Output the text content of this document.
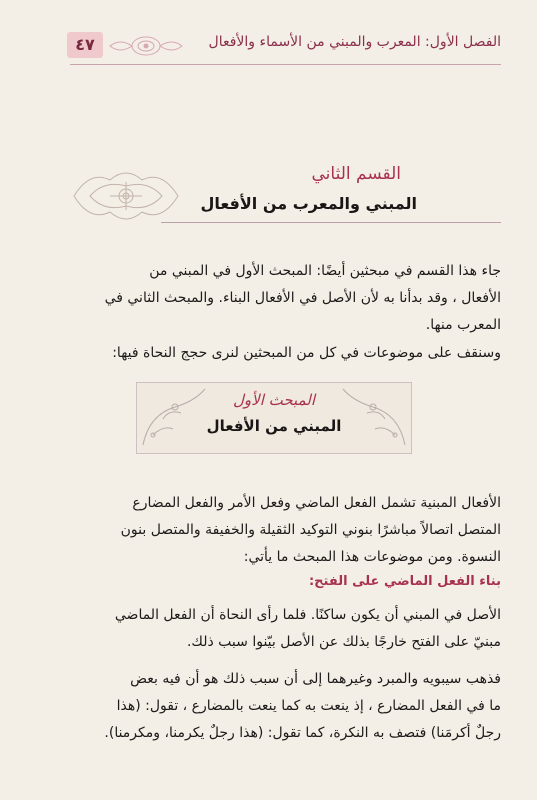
الفصل الأول: المعرب والمبني من الأسماء والأفعال
٤٧
القسم الثاني
المبني والمعرب من الأفعال
جاء هذا القسم في مبحثين أيضًا: المبحث الأول في المبني من
الأفعال ، وقد بدأنا به لأن الأصل في الأفعال البناء. والمبحث الثاني في
المعرب منها.
وسنقف على موضوعات في كل من المبحثين لنرى حجج النحاة فيها:
المبحث الأول
المبني من الأفعال
الأفعال المبنية تشمل الفعل الماضي وفعل الأمر والفعل المضارع
المتصل اتصالاً مباشرًا بنوني التوكيد الثقيلة والخفيفة والمتصل بنون
النسوة. ومن موضوعات هذا المبحث ما يأتي:
بناء الفعل الماضي على الفتح:
الأصل في المبني أن يكون ساكنًا. فلما رأى النحاة أن الفعل الماضي
مبنيّ على الفتح خارجًا بذلك عن الأصل بيّنوا سبب ذلك.
فذهب سيبويه والمبرد وغيرهما إلى أن سبب ذلك هو أن فيه بعض
ما في الفعل المضارع ، إذ ينعت به كما ينعت بالمضارع ، تقول: (هذا
رجلٌ أكرمَنا) فتصف به النكرة، كما تقول: (هذا رجلٌ يكرمنا، ومكرمنا).
